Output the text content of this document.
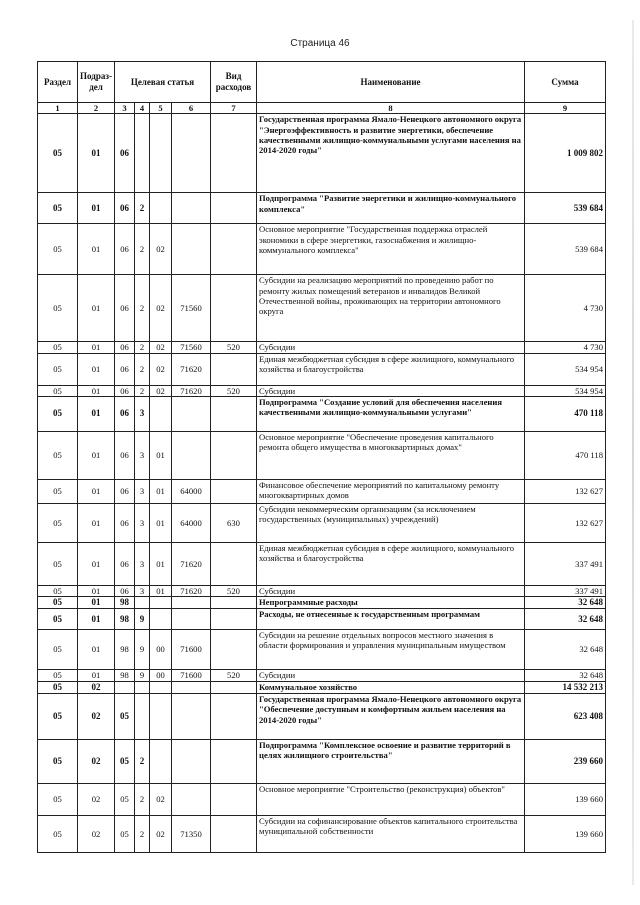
Страница 46
Раздел	Подраз-дел	Целевая статья				Вид расходов	Наименование	Сумма
1	2	3	4	5	6	7	8	9
05	01	06					Государственная программа Ямало-Ненецкого автономного округа "Энергоэффективность и развитие энергетики, обеспечение качественными жилищно-коммунальными услугами населения на 2014-2020 годы"	1 009 802
05	01	06	2				Подпрограмма "Развитие энергетики и жилищно-коммунального комплекса"	539 684
05	01	06	2	02			Основное мероприятие "Государственная поддержка отраслей экономики в сфере энергетики, газоснабжения и жилищно-коммунального комплекса"	539 684
05	01	06	2	02	71560		Субсидии на реализацию мероприятий по проведению работ по ремонту жилых помещений ветеранов и инвалидов Великой Отечественной войны, проживающих на территории автономного округа	4 730
05	01	06	2	02	71560	520	Субсидии	4 730
05	01	06	2	02	71620		Единая межбюджетная субсидия в сфере жилищного, коммунального хозяйства и благоустройства	534 954
05	01	06	2	02	71620	520	Субсидии	534 954
05	01	06	3				Подпрограмма "Создание условий для обеспечения населения качественными жилищно-коммунальными услугами"	470 118
05	01	06	3	01			Основное мероприятие "Обеспечение проведения капитального ремонта общего имущества в многоквартирных домах"	470 118
05	01	06	3	01	64000		Финансовое обеспечение мероприятий по капитальному ремонту многоквартирных домов	132 627
05	01	06	3	01	64000	630	Субсидии некоммерческим организациям (за исключением государственных (муниципальных) учреждений)	132 627
05	01	06	3	01	71620		Единая межбюджетная субсидия в сфере жилищного, коммунального хозяйства и благоустройства	337 491
05	01	06	3	01	71620	520	Субсидии	337 491
05	01	98					Непрограммные расходы	32 648
05	01	98	9				Расходы, не отнесенные к государственным программам	32 648
05	01	98	9	00	71600		Субсидии на решение отдельных вопросов местного значения в области формирования и управления муниципальным имуществом	32 648
05	01	98	9	00	71600	520	Субсидии	32 648
05	02						Коммунальное хозяйство	14 532 213
05	02	05					Государственная программа Ямало-Ненецкого автономного округа "Обеспечение доступным и комфортным жильем населения на 2014-2020 годы"	623 408
05	02	05	2				Подпрограмма "Комплексное освоение и развитие территорий в целях жилищного строительства"	239 660
05	02	05	2	02			Основное мероприятие "Строительство (реконструкция) объектов"	139 660
05	02	05	2	02	71350		Субсидии на софинансирование объектов капитального строительства муниципальной собственности	139 660
